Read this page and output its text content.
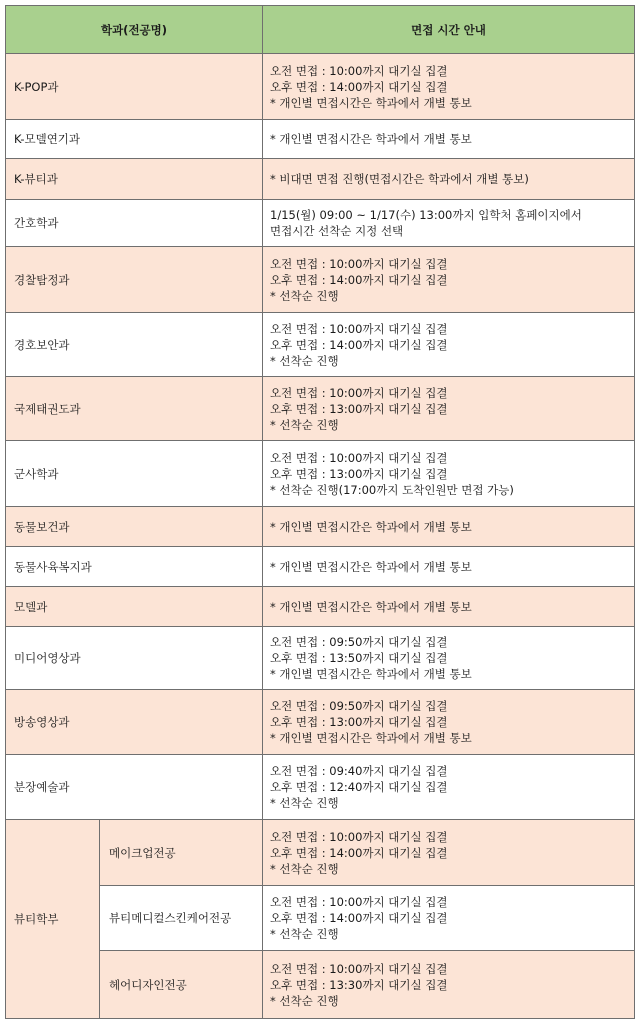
학과(전공명)		면접 시간 안내
K-POP과		오전 면접 : 10:00까지 대기실 집결
오후 면접 : 14:00까지 대기실 집결
* 개인별 면접시간은 학과에서 개별 통보

K-모델연기과		* 개인별 면접시간은 학과에서 개별 통보

K-뷰티과		* 비대면 면접 진행(면접시간은 학과에서 개별 통보)

간호학과		1/15(월) 09:00 ~ 1/17(수) 13:00까지 입학처 홈페이지에서
면접시간 선착순 지정 선택

경찰탐정과		오전 면접 : 10:00까지 대기실 집결
오후 면접 : 14:00까지 대기실 집결
* 선착순 진행

경호보안과		오전 면접 : 10:00까지 대기실 집결
오후 면접 : 14:00까지 대기실 집결
* 선착순 진행

국제태권도과		오전 면접 : 10:00까지 대기실 집결
오후 면접 : 13:00까지 대기실 집결
* 선착순 진행

군사학과		오전 면접 : 10:00까지 대기실 집결
오후 면접 : 13:00까지 대기실 집결
* 선착순 진행(17:00까지 도착인원만 면접 가능)

동물보건과		* 개인별 면접시간은 학과에서 개별 통보

동물사육복지과		* 개인별 면접시간은 학과에서 개별 통보

모델과		* 개인별 면접시간은 학과에서 개별 통보

미디어영상과		오전 면접 : 09:50까지 대기실 집결
오후 면접 : 13:50까지 대기실 집결
* 개인별 면접시간은 학과에서 개별 통보

방송영상과		오전 면접 : 09:50까지 대기실 집결
오후 면접 : 13:00까지 대기실 집결
* 개인별 면접시간은 학과에서 개별 통보

분장예술과		오전 면접 : 09:40까지 대기실 집결
오후 면접 : 12:40까지 대기실 집결
* 선착순 진행

뷰티학부	메이크업전공	오전 면접 : 10:00까지 대기실 집결
오후 면접 : 14:00까지 대기실 집결
* 선착순 진행

	뷰티메디컬스킨케어전공	오전 면접 : 10:00까지 대기실 집결
오후 면접 : 14:00까지 대기실 집결
* 선착순 진행

	헤어디자인전공	오전 면접 : 10:00까지 대기실 집결
오후 면접 : 13:30까지 대기실 집결
* 선착순 진행
